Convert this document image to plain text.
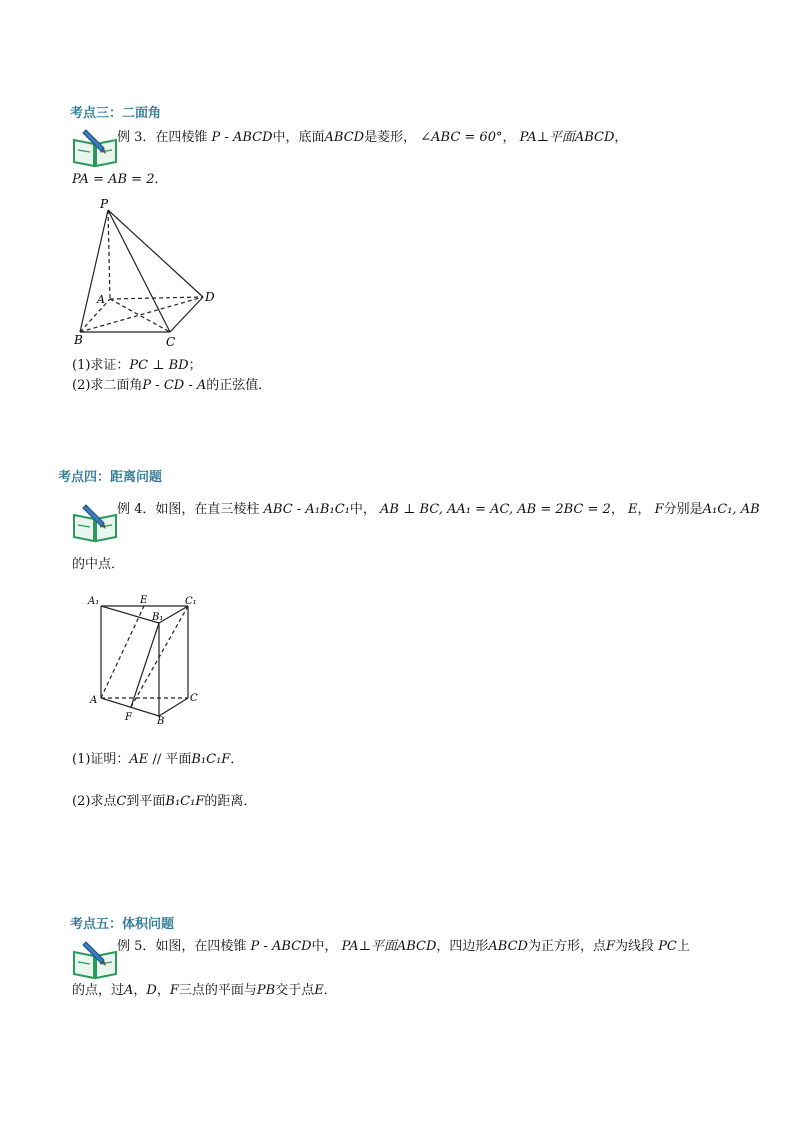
考点三：二面角
例 3．在四棱锥 P - ABCD中，底面ABCD是菱形， ∠ABC = 60°， PA⊥平面ABCD，
PA = AB = 2．
P
A
B	C
D
(1)求证：PC ⊥ BD；
(2)求二面角P - CD - A的正弦值．
考点四：距离问题
例 4．如图，在直三棱柱 ABC - A₁B₁C₁中， AB ⊥ BC, AA₁ = AC, AB = 2BC = 2， E， F分别是A₁C₁, AB
的中点．
A₁	E	C₁
B₁
A
F	B
C
(1)证明：AE // 平面B₁C₁F．
(2)求点C到平面B₁C₁F的距离．
考点五：体积问题
例 5．如图，在四棱锥 P - ABCD中， PA⊥平面ABCD，四边形ABCD为正方形，点F为线段 PC上
的点，过A，D，F三点的平面与PB交于点E．
